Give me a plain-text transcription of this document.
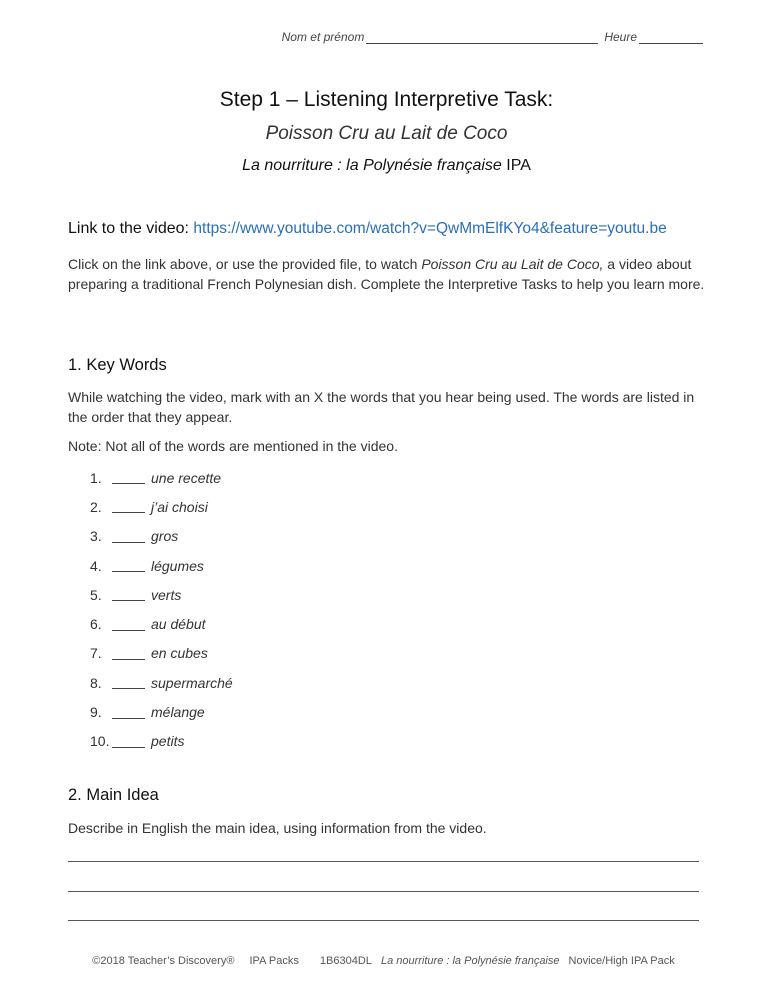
Nom et prénom	Heure
Step 1 – Listening Interpretive Task:
Poisson Cru au Lait de Coco
La nourriture : la Polynésie française IPA
Link to the video: https://www.youtube.com/watch?v=QwMmElfKYo4&feature=youtu.be
Click on the link above, or use the provided file, to watch Poisson Cru au Lait de Coco, a video about preparing a traditional French Polynesian dish. Complete the Interpretive Tasks to help you learn more.
1. Key Words
While watching the video, mark with an X the words that you hear being used. The words are listed in the order that they appear.
Note: Not all of the words are mentioned in the video.
1.	une recette
2.	j’ai choisi
3.	gros
4.	légumes
5.	verts
6.	au début
7.	en cubes
8.	supermarché
9.	mélange
10.	petits
2. Main Idea
Describe in English the main idea, using information from the video.
©2018 Teacher’s Discovery® IPA Packs 1B6304DL La nourriture : la Polynésie française Novice/High IPA Pack
